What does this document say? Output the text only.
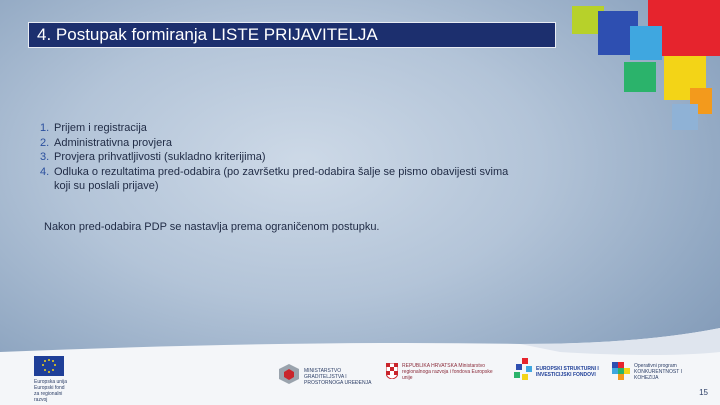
4. Postupak formiranja LISTE PRIJAVITELJA
1. Prijem i registracija
2. Administrativna provjera
3. Provjera prihvatljivosti (sukladno kriterijima)
4. Odluka o rezultatima pred-odabira (po završetku pred-odabira šalje se pismo obavijesti svima koji su poslali prijave)
Nakon pred-odabira PDP se nastavlja prema ograničenom postupku.
Europska unija Europski fond za regionalni razvoj
MINISTARSTVO GRADITELJSTVA I PROSTORNOGA UREĐENJA
REPUBLIKA HRVATSKA Ministarstvo regionalnoga razvoja i fondova Europske unije
EUROPSKI STRUKTURNI I INVESTICIJSKI FONDOVI
Operativni program KONKURENTNOST I KOHEZIJA
15
